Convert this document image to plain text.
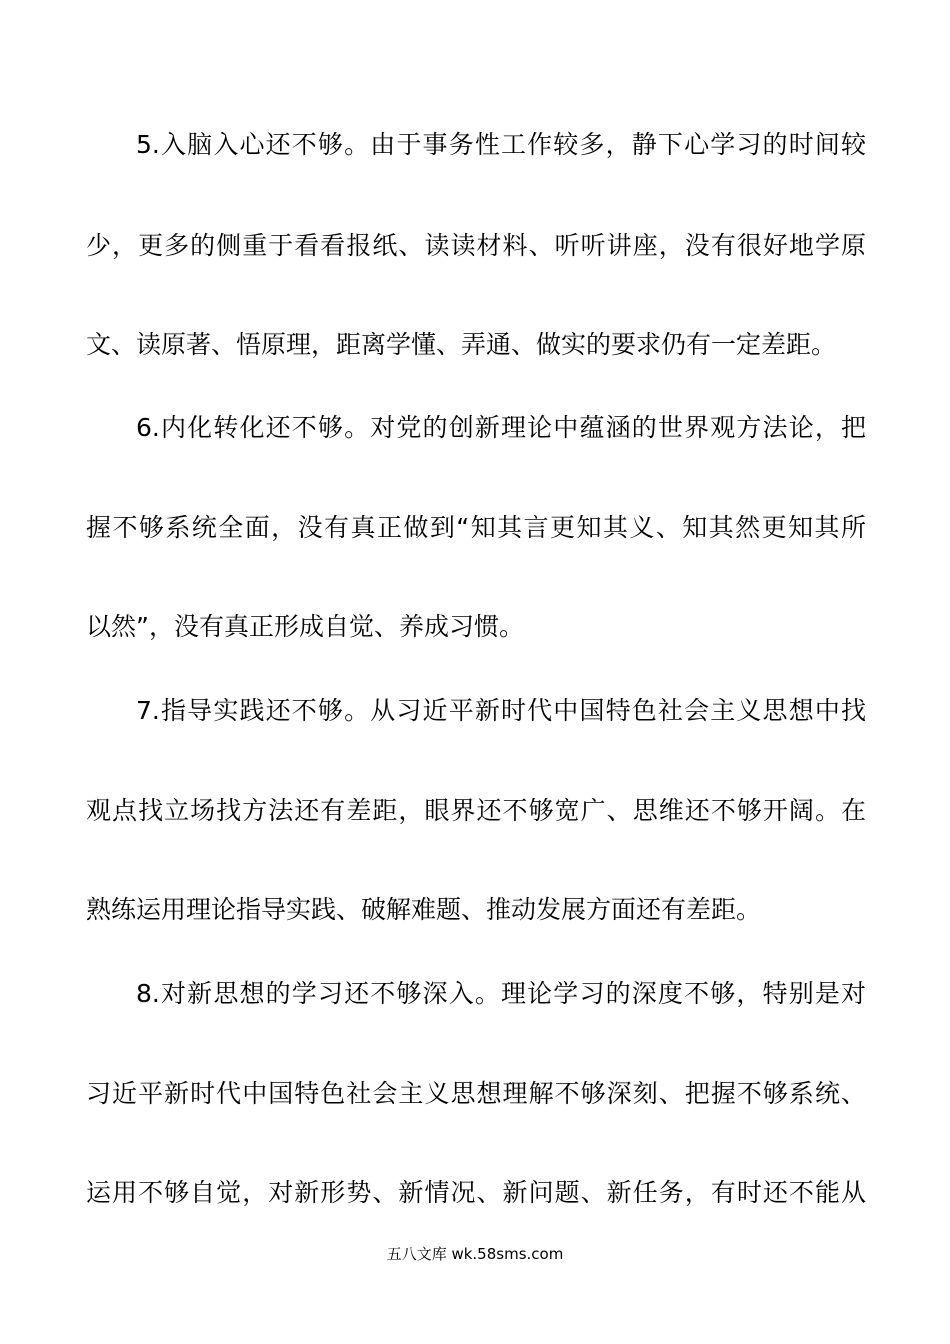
5.入脑入心还不够。由于事务性工作较多，静下心学习的时间较
少，更多的侧重于看看报纸、读读材料、听听讲座，没有很好地学原
文、读原著、悟原理，距离学懂、弄通、做实的要求仍有一定差距。
6.内化转化还不够。对党的创新理论中蕴涵的世界观方法论，把
握不够系统全面，没有真正做到“知其言更知其义、知其然更知其所
以然”，没有真正形成自觉、养成习惯。
7.指导实践还不够。从习近平新时代中国特色社会主义思想中找
观点找立场找方法还有差距，眼界还不够宽广、思维还不够开阔。在
熟练运用理论指导实践、破解难题、推动发展方面还有差距。
8.对新思想的学习还不够深入。理论学习的深度不够，特别是对
习近平新时代中国特色社会主义思想理解不够深刻、把握不够系统、
运用不够自觉，对新形势、新情况、新问题、新任务，有时还不能从
五八文库 wk.58sms.com
